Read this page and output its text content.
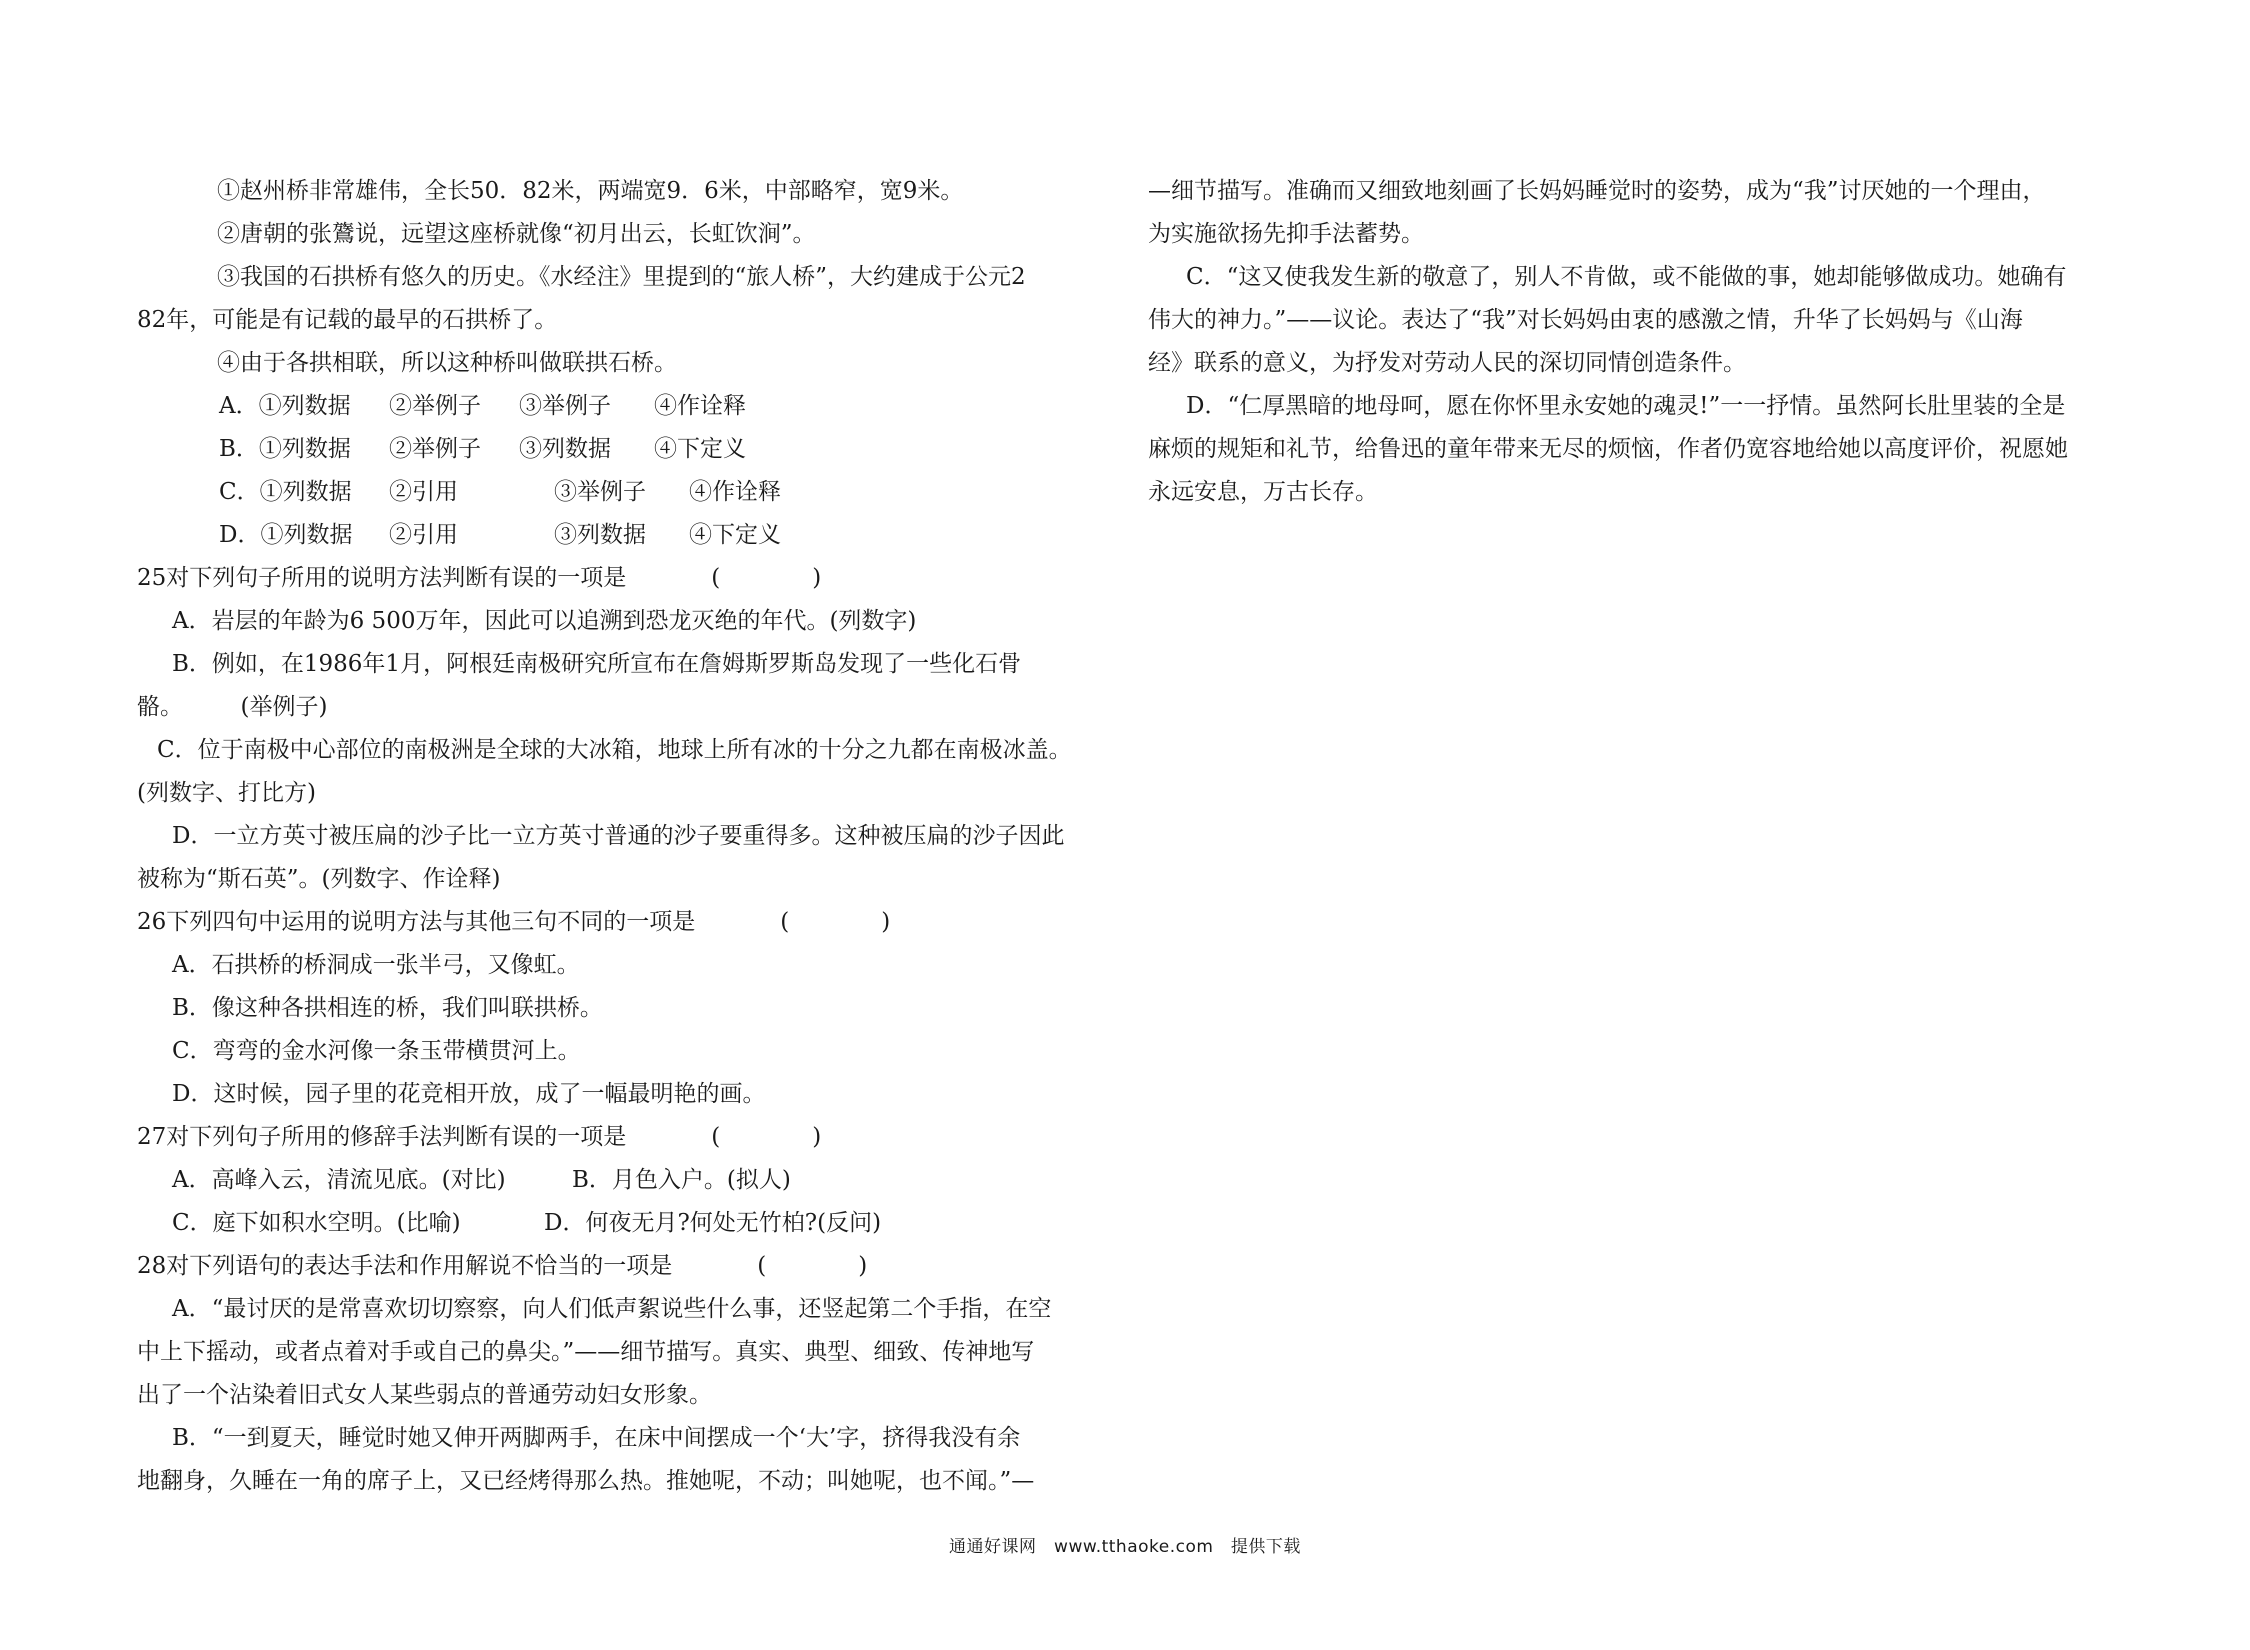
①赵州桥非常雄伟，全长50．82米，两端宽9．6米，中部略窄，宽9米。
②唐朝的张鷟说，远望这座桥就像“初月出云，长虹饮涧”。
③我国的石拱桥有悠久的历史。《水经注》里提到的“旅人桥”，大约建成于公元2
82年，可能是有记载的最早的石拱桥了。
④由于各拱相联，所以这种桥叫做联拱石桥。
A．①列数据 ②举例子 ③举例子 ④作诠释
B．①列数据 ②举例子 ③列数据 ④下定义
C．①列数据 ②引用	③举例子 ④作诠释
D．①列数据 ②引用	③列数据 ④下定义
25对下列句子所用的说明方法判断有误的一项是	(　　　　)
A．岩层的年龄为6 500万年，因此可以追溯到恐龙灭绝的年代。(列数字)
B．例如，在1986年1月，阿根廷南极研究所宣布在詹姆斯罗斯岛发现了一些化石骨
骼。　　　(举例子)
C．位于南极中心部位的南极洲是全球的大冰箱，地球上所有冰的十分之九都在南极冰盖。
(列数字、打比方)
D．一立方英寸被压扁的沙子比一立方英寸普通的沙子要重得多。这种被压扁的沙子因此
被称为“斯石英”。(列数字、作诠释)
26下列四句中运用的说明方法与其他三句不同的一项是	(　　　　)
A．石拱桥的桥洞成一张半弓，又像虹。
B．像这种各拱相连的桥，我们叫联拱桥。
C．弯弯的金水河像一条玉带横贯河上。
D．这时候，园子里的花竞相开放，成了一幅最明艳的画。
27对下列句子所用的修辞手法判断有误的一项是	(　　　　)
A．高峰入云，清流见底。(对比)	B．月色入户。(拟人)
C．庭下如积水空明。(比喻)	D．何夜无月?何处无竹柏?(反问)
28对下列语句的表达手法和作用解说不恰当的一项是	(　　　　)
A．“最讨厌的是常喜欢切切察察，向人们低声絮说些什么事，还竖起第二个手指，在空
中上下摇动，或者点着对手或自己的鼻尖。”——细节描写。真实、典型、细致、传神地写
出了一个沾染着旧式女人某些弱点的普通劳动妇女形象。
B．“一到夏天，睡觉时她又伸开两脚两手，在床中间摆成一个‘大’字，挤得我没有余
地翻身，久睡在一角的席子上，又已经烤得那么热。推她呢，不动；叫她呢，也不闻。”—
—细节描写。准确而又细致地刻画了长妈妈睡觉时的姿势，成为“我”讨厌她的一个理由，
为实施欲扬先抑手法蓄势。
C．“这又使我发生新的敬意了，别人不肯做，或不能做的事，她却能够做成功。她确有
伟大的神力。”——议论。表达了“我”对长妈妈由衷的感激之情，升华了长妈妈与《山海
经》联系的意义，为抒发对劳动人民的深切同情创造条件。
D．“仁厚黑暗的地母呵，愿在你怀里永安她的魂灵!”一一抒情。虽然阿长肚里装的全是
麻烦的规矩和礼节，给鲁迅的童年带来无尽的烦恼，作者仍宽容地给她以高度评价，祝愿她
永远安息，万古长存。
通通好课网　www.tthaoke.com　提供下载
